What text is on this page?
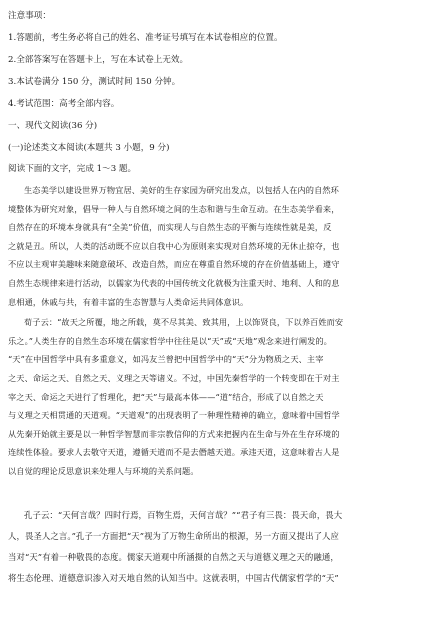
注意事项：
1.答题前，考生务必将自己的姓名、准考证号填写在本试卷相应的位置。
2.全部答案写在答题卡上，写在本试卷上无效。
3.本试卷满分 150 分，测试时间 150 分钟。
4.考试范围：高考全部内容。
一、现代文阅读(36 分)
(一)论述类文本阅读(本题共 3 小题，9 分)
阅读下面的文字，完成 1～3 题。
生态美学以建设世界万物宜居、美好的生存家园为研究出发点，以包括人在内的自然环
境整体为研究对象，倡导一种人与自然环境之间的生态和谐与生命互动。在生态美学看来，
自然存在的环境本身就具有“全美”价值，而实现人与自然生态的平衡与连续性就是美，反
之就是丑。所以，人类的活动既不应以自我中心为原则来实现对自然环境的无休止掠夺，也
不应以主观审美趣味来随意破坏、改造自然，而应在尊重自然环境的存在价值基础上，遵守
自然生态规律来进行活动，以儒家为代表的中国传统文化就极为注重天时、地利、人和的息
息相通，休戚与共，有着丰富的生态智慧与人类命运共同体意识。
荀子云：“故天之所覆，地之所载，莫不尽其美、致其用，上以饰贤良，下以养百姓而安
乐之。”人类生存的自然生态环境在儒家哲学中往往是以“天”或“天地”观念来进行阐发的。
“天”在中国哲学中具有多重意义，如冯友兰曾把中国哲学中的“天”分为物质之天、主宰
之天、命运之天、自然之天、义理之天等诸义。不过，中国先秦哲学的一个转变即在于对主
宰之天、命运之天进行了哲理化，把“天”与最高本体——“道”结合，形成了以自然之天
与义理之天相贯通的天道观。“天道观”的出现表明了一种理性精神的确立，意味着中国哲学
从先秦开始就主要是以一种哲学智慧而非宗教信仰的方式来把握内在生命与外在生存环境的
连续性体验。要求人去敬守天道，遵循天道而不是去僭越天道。承违天道，这意味着古人是
以自觉的理论反思意识来处理人与环境的关系问题。
孔子云：“天何言哉？四时行焉，百物生焉，天何言哉？”“君子有三畏：畏天命，畏大
人，畏圣人之言。”孔子一方面把“天”视为了万物生命所出的根源，另一方面又提出了人应
当对“天”有着一种敬畏的态度。儒家天道观中所涵摄的自然之天与道德义理之天的融通，
将生态伦理、道德意识渗入对天地自然的认知当中。这就表明，中国古代儒家哲学的“天”
